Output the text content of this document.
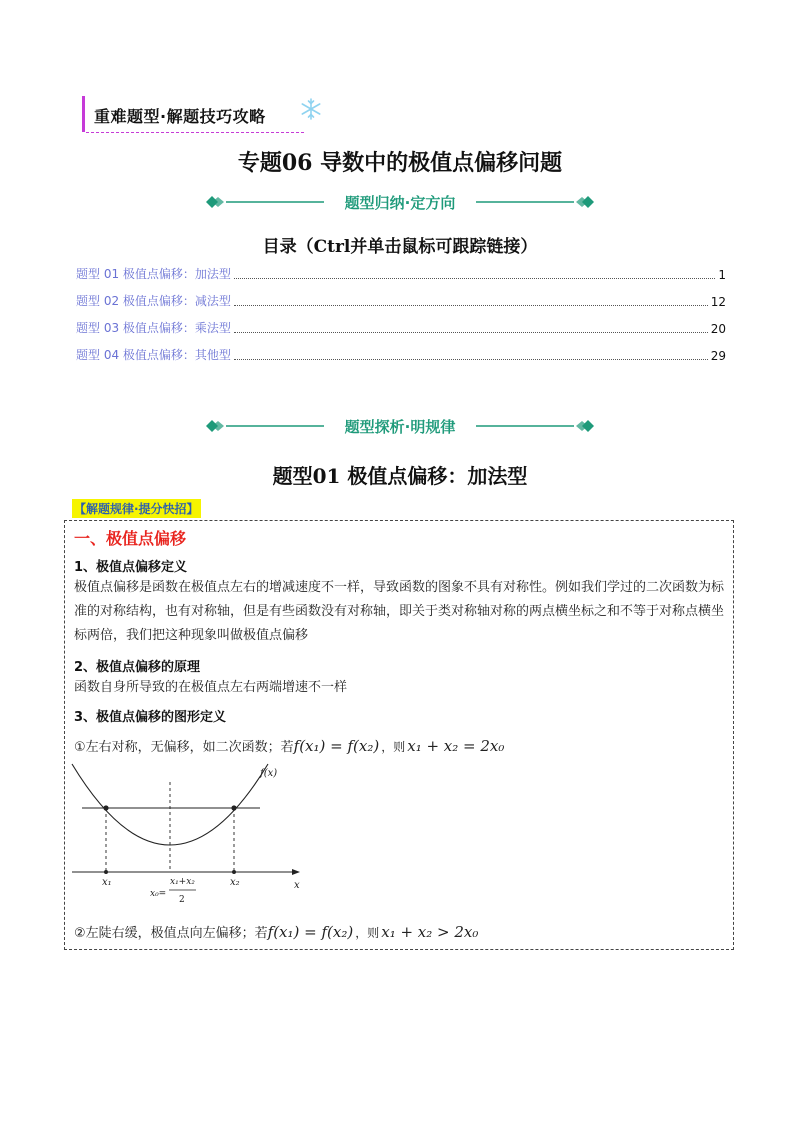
重难题型·解题技巧攻略
专题06 导数中的极值点偏移问题
题型归纳·定方向
目录（Ctrl并单击鼠标可跟踪链接）
题型 01 极值点偏移：加法型	1
题型 02 极值点偏移：减法型	12
题型 03 极值点偏移：乘法型	20
题型 04 极值点偏移：其他型	29
题型探析·明规律
题型01 极值点偏移：加法型
【解题规律·提分快招】
一、极值点偏移
1、极值点偏移定义
极值点偏移是函数在极值点左右的增减速度不一样，导致函数的图象不具有对称性。例如我们学过的二次函数为标准的对称结构，也有对称轴，但是有些函数没有对称轴，即关于类对称轴对称的两点横坐标之和不等于对称点横坐标两倍，我们把这种现象叫做极值点偏移
2、极值点偏移的原理
函数自身所导致的在极值点左右两端增速不一样
3、极值点偏移的图形定义
①左右对称，无偏移，如二次函数；若 f(x₁) = f(x₂) ，则 x₁ + x₂ = 2x₀
f(x)
x
x₁	x₂
x₀=
x₁+x₂
2
②左陡右缓，极值点向左偏移；若 f(x₁) = f(x₂) ，则 x₁ + x₂ > 2x₀
